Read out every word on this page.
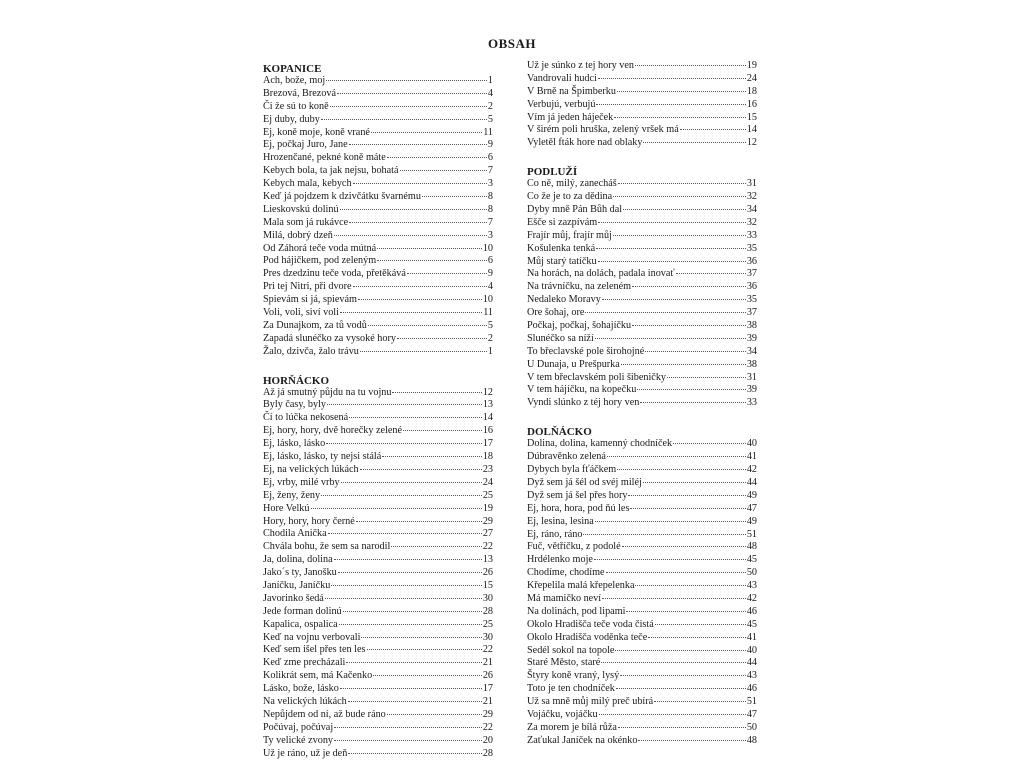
OBSAH
KOPANICE
Ach, bože, moj	1
Brezová, Brezová	4
Či že sú to koně	2
Ej duby, duby	5
Ej, koně moje, koně vrané	11
Ej, počkaj Juro, Jane	9
Hrozenčané, pekné koně máte	6
Kebych bola, ta jak nejsu, bohatá	7
Kebych mala, kebych	3
Keď já pojdzem k dzivčátku švarnému	8
Lieskovskú dolinú	8
Mala som já rukávce	7
Milá, dobrý dzeň	3
Od Záhorá teče voda mútná	10
Pod hájičkem, pod zeleným	6
Pres dzedzinu teče voda, přetěkává	9
Pri tej Nitri, při dvore	4
Spievám si já, spievám	10
Voli, voli, siví voli	11
Za Dunajkom, za tů vodů	5
Zapadá slunéčko za vysoké hory	2
Žalo, dzivča, žalo trávu	1
HORŇÁCKO
Až já smutný půjdu na tu vojnu	12
Byly časy, byly	13
Čí to lúčka nekosená	14
Ej, hory, hory, dvě horečky zelené	16
Ej, lásko, lásko	17
Ej, lásko, lásko, ty nejsi stálá	18
Ej, na velických lúkách	23
Ej, vrby, milé vrby	24
Ej, ženy, ženy	25
Hore Velkú	19
Hory, hory, hory černé	29
Chodila Anička	27
Chvála bohu, že sem sa narodil	22
Ja, dolina, dolina	13
Jako´s ty, Janošku	26
Janíčku, Janíčku	15
Javorinko šedá	30
Jede forman dolinú	28
Kapalica, ospalica	25
Keď na vojnu verbovali	30
Keď sem išel přes ten les	22
Keď zme precházali	21
Kolikrát sem, má Kačenko	26
Lásko, bože, lásko	17
Na velických lúkách	21
Nepůjdem od ní, až bude ráno	29
Počúvaj, počúvaj	22
Ty velické zvony	20
Už je ráno, už je deň	28
Už je súnko z tej hory ven	19
Vandrovali hudci	24
V Brně na Špimberku	18
Verbujú, verbujú	16
Vím já jeden háječek	15
V širém poli hruška, zelený vršek má	14
Vyletěl fták hore nad oblaky	12
PODLUŽÍ
Co ně, milý, zanecháš	31
Co že je to za dědina	32
Dyby mně Pán Bůh dal	34
Ešče si zazpívám	32
Frajír můj, frajír můj	33
Košulenka tenká	35
Můj starý tatíčku	36
Na horách, na dolách, padala inovať	37
Na trávníčku, na zeleném	36
Nedaleko Moravy	35
Ore šohaj, ore	37
Počkaj, počkaj, šohajíčku	38
Slunéčko sa níží	39
To břeclavské pole širohojné	34
U Dunaja, u Prešpurka	38
V tem břeclavském poli šibeničky	31
V tem hájíčku, na kopečku	39
Vyndi slúnko z téj hory ven	33
DOLŇÁCKO
Dolina, dolina, kamenný chodníček	40
Dúbravěnko zelená	41
Dybych byla fťáčkem	42
Dyž sem já šél od svéj miléj	44
Dyž sem já šel přes hory	49
Ej, hora, hora, pod ňú les	47
Ej, lesina, lesina	49
Ej, ráno, ráno	51
Fuč, větříčku, z podolé	48
Hrdélenko moje	45
Chodíme, chodíme	50
Křepelila malá křepelenka	43
Má mamičko neví	42
Na dolinách, pod lipami	46
Okolo Hradišča teče voda čistá	45
Okolo Hradišča voděnka teče	41
Sedél sokol na topole	40
Staré Město, staré	44
Štyry koně vraný, lysý	43
Toto je ten chodníček	46
Už sa mně můj milý preč ubírá	51
Vojáčku, vojáčku	47
Za morem je bílá růža	50
Zaťukal Janíček na okénko	48
